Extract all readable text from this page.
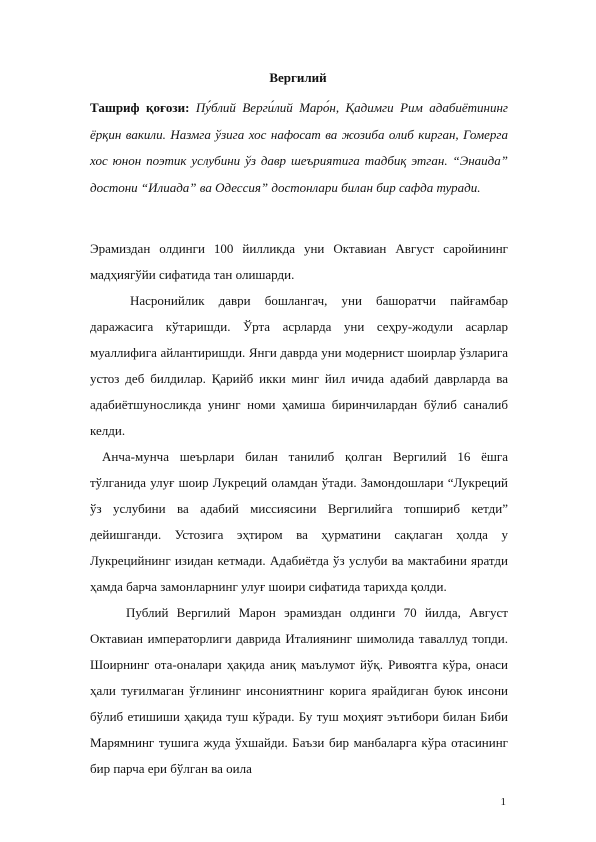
Вергилий
Ташриф қоғози: Пу́блий Верги́лий Маро́н, Қадимги Рим адабиётининг ёрқин вакили. Назмга ўзига хос нафосат ва жозиба олиб кирган, Гомерга хос юнон поэтик услубини ўз давр шеъриятига тадбиқ этган. “Энаида” достони “Илиада” ва Одессия” достонлари билан бир сафда туради.

Эрамиздан олдинги 100 йилликда уни Октавиан Август саройининг мадҳиягўйи сифатида тан олишарди.

Насронийлик даври бошлангач, уни башоратчи пайғамбар даражасига кўтаришди. Ўрта асрларда уни сеҳру-жодули асарлар муаллифига айлантиришди. Янги даврда уни модернист шоирлар ўзларига устоз деб билдилар. Қарийб икки минг йил ичида адабий даврларда ва адабиётшуносликда унинг номи ҳамиша биринчилардан бўлиб саналиб келди.

Анча-мунча шеърлари билан танилиб қолган Вергилий 16 ёшга тўлганида улуғ шоир Лукреций оламдан ўтади. Замондошлари “Лукреций ўз услубини ва адабий миссиясини Вергилийга топшириб кетди” дейишганди. Устозига эҳтиром ва ҳурматини сақлаган ҳолда у Лукрецийнинг изидан кетмади. Адабиётда ўз услуби ва мактабини яратди ҳамда барча замонларнинг улуғ шоири сифатида тарихда қолди.

Публий Вергилий Марон эрамиздан олдинги 70 йилда, Август Октавиан императорлиги даврида Италиянинг шимолида таваллуд топди. Шоирнинг ота-оналари ҳақида аниқ маълумот йўқ. Ривоятга кўра, онаси ҳали туғилмаган ўғлининг инсониятнинг корига ярайдиган буюк инсони бўлиб етишиши ҳақида туш кўради. Бу туш моҳият эътибори билан Биби Марямнинг тушига жуда ўхшайди. Баъзи бир манбаларга кўра отасининг бир парча ери бўлган ва оила

1
